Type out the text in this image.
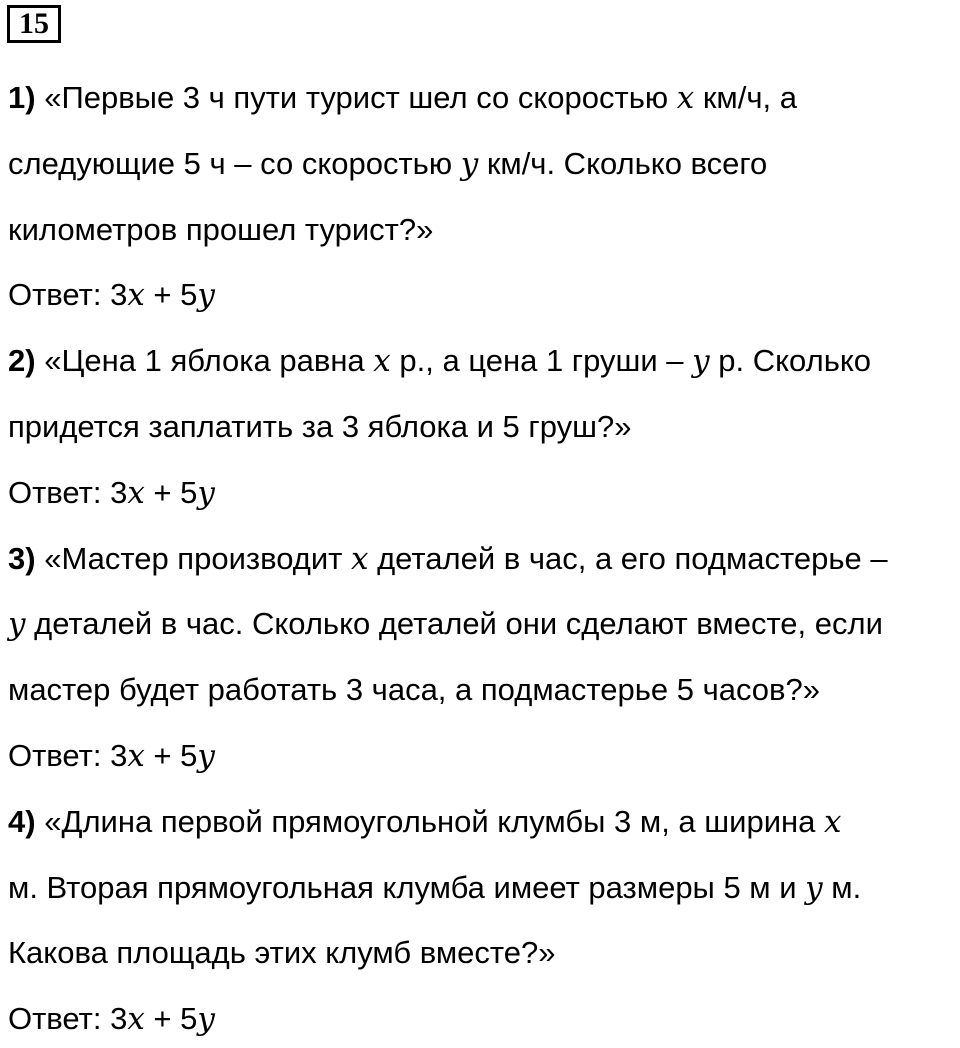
15
1) «Первые 3 ч пути турист шел со скоростью x км/ч, а
следующие 5 ч – со скоростью y км/ч. Сколько всего
километров прошел турист?»
Ответ: 3x + 5y
2) «Цена 1 яблока равна x р., а цена 1 груши – y р. Сколько
придется заплатить за 3 яблока и 5 груш?»
Ответ: 3x + 5y
3) «Мастер производит x деталей в час, а его подмастерье –
y деталей в час. Сколько деталей они сделают вместе, если
мастер будет работать 3 часа, а подмастерье 5 часов?»
Ответ: 3x + 5y
4) «Длина первой прямоугольной клумбы 3 м, а ширина x
м. Вторая прямоугольная клумба имеет размеры 5 м и y м.
Какова площадь этих клумб вместе?»
Ответ: 3x + 5y
